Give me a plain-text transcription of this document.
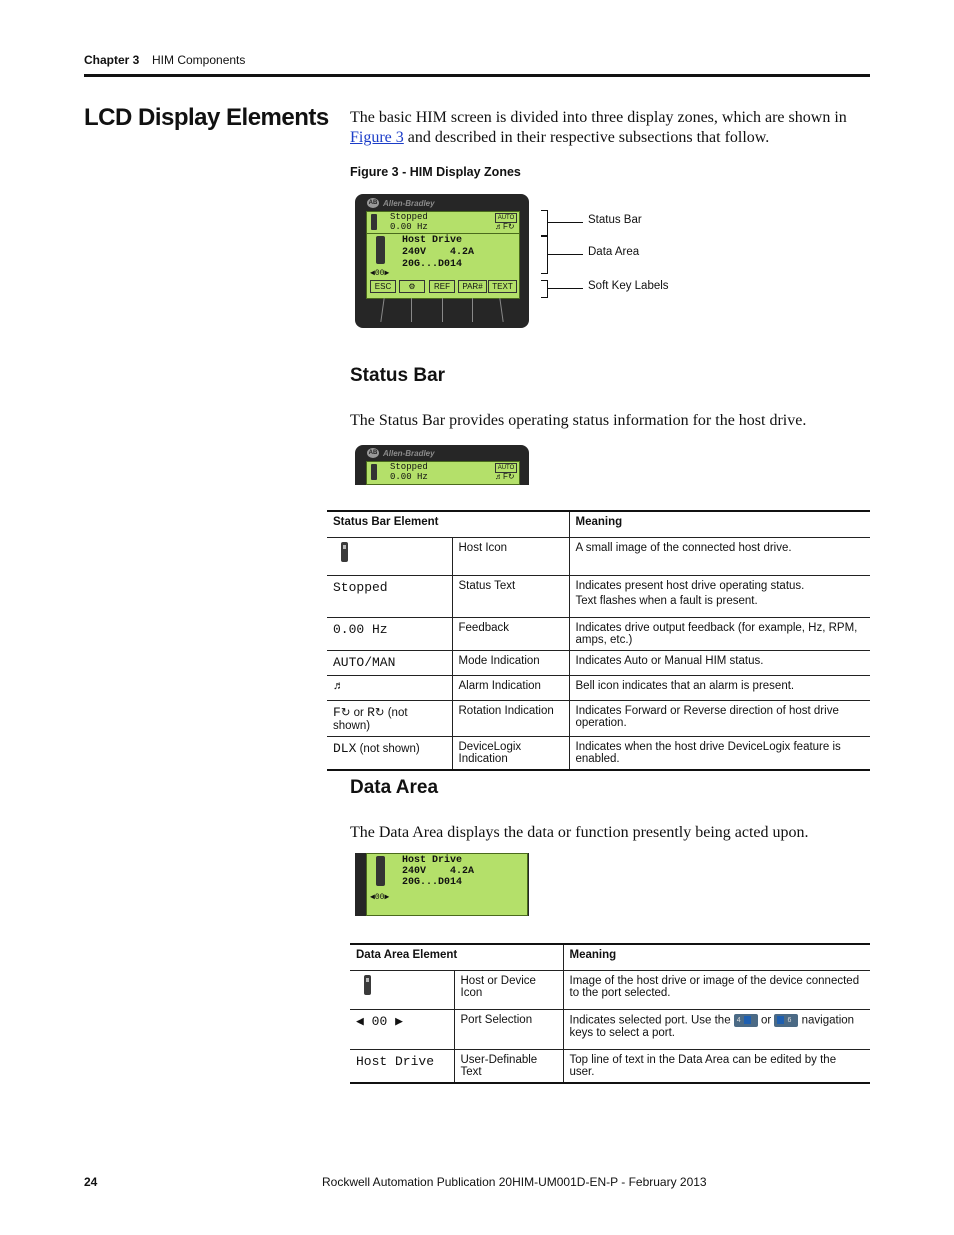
Chapter 3 HIM Components
LCD Display Elements The basic HIM screen is divided into three display zones, which are shown in Figure 3 and described in their respective subsections that follow.
Figure 3 - HIM Display Zones
AB Allen-Bradley
Stopped
0.00 Hz
AUTO
♬F↻
Host Drive
240V    4.2A
20G...D014
◀00▶
ESC	⚙	REF	PAR#	TEXT
Status Bar
Data Area
Soft Key Labels
Status Bar
The Status Bar provides operating status information for the host drive.
AB Allen-Bradley
Stopped
0.00 Hz
AUTO
♬F↻
Status Bar Element		Meaning
	Host Icon	A small image of the connected host drive.
Stopped	Status Text	Indicates present host drive operating status.
Text flashes when a fault is present.

0.00 Hz	Feedback	Indicates drive output feedback (for example, Hz, RPM, amps, etc.)
AUTO/MAN	Mode Indication	Indicates Auto or Manual HIM status.
♬	Alarm Indication	Bell icon indicates that an alarm is present.
F↻ or R↻ (not shown)	Rotation Indication	Indicates Forward or Reverse direction of host drive operation.
DLX (not shown)	DeviceLogix Indication	Indicates when the host drive DeviceLogix feature is enabled.
Data Area
The Data Area displays the data or function presently being acted upon.
Host Drive
240V    4.2A
20G...D014
◀00▶
Data Area Element		Meaning
	Host or Device Icon	Image of the host drive or image of the device connected to the port selected.
◀ 00 ▶	Port Selection	Indicates selected port. Use the 4 or 6 navigation keys to select a port.
Host Drive	User-Definable Text	Top line of text in the Data Area can be edited by the user.
24	Rockwell Automation Publication 20HIM-UM001D-EN-P - February 2013
